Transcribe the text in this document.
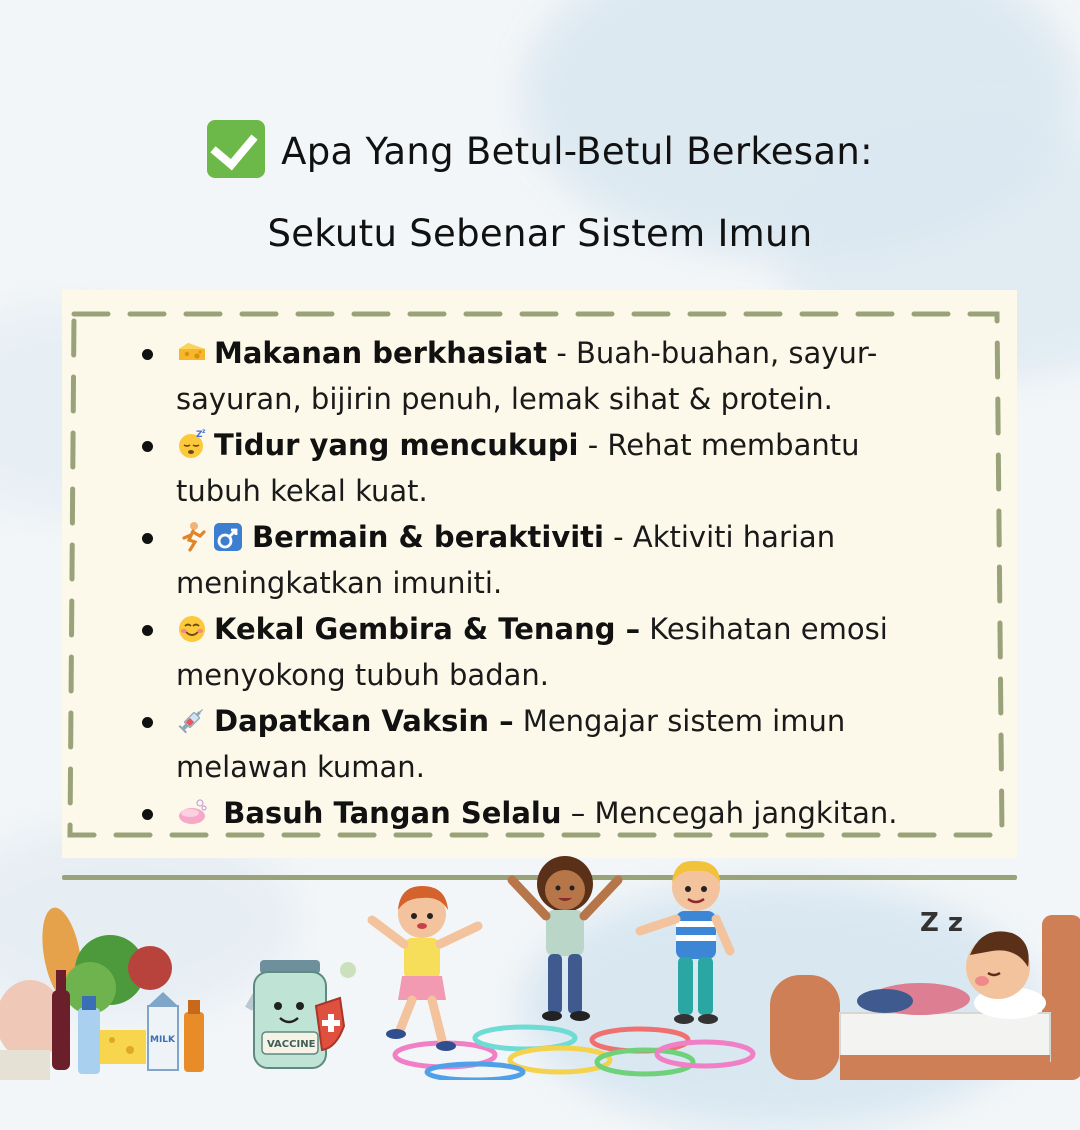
Apa Yang Betul-Betul Berkesan:
Sekutu Sebenar Sistem Imun
Makanan berkhasiat - Buah-buahan, sayur-sayuran, bijirin penuh, lemak sihat & protein.
Z z Tidur yang mencukupi - Rehat membantu tubuh kekal kuat.
Bermain & beraktiviti - Aktiviti harian meningkatkan imuniti.
Kekal Gembira & Tenang – Kesihatan emosi menyokong tubuh badan.
Dapatkan Vaksin – Mengajar sistem imun melawan kuman.
Basuh Tangan Selalu – Mencegah jangkitan.
MILK	VACCINE
Z z
